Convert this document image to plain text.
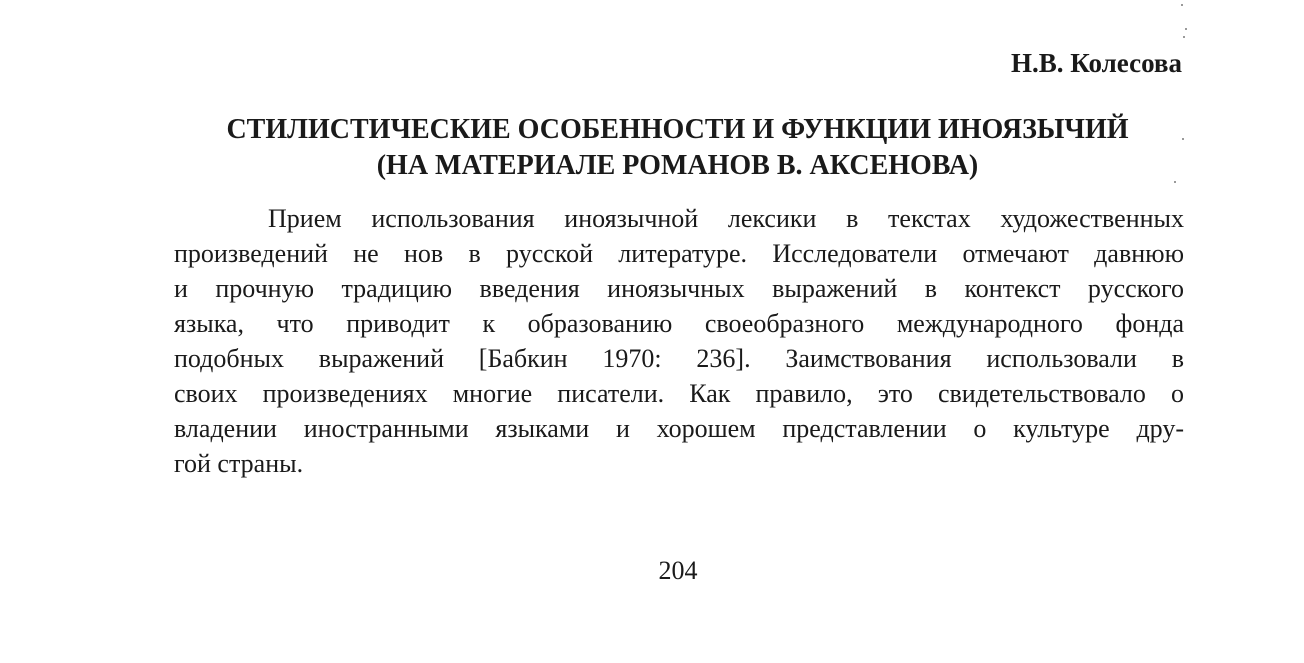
Н.В. Колесова
СТИЛИСТИЧЕСКИЕ ОСОБЕННОСТИ И ФУНКЦИИ ИНОЯЗЫЧИЙ
(НА МАТЕРИАЛЕ РОМАНОВ В. АКСЕНОВА)

Прием использования иноязычной лексики в текстах художественных
произведений не нов в русской литературе. Исследователи отмечают давнюю
и прочную традицию введения иноязычных выражений в контекст русского
языка, что приводит к образованию своеобразного международного фонда
подобных выражений [Бабкин 1970: 236]. Заимствования использовали в
своих произведениях многие писатели. Как правило, это свидетельствовало о
владении иностранными языками и хорошем представлении о культуре дру-
гой страны.

204
